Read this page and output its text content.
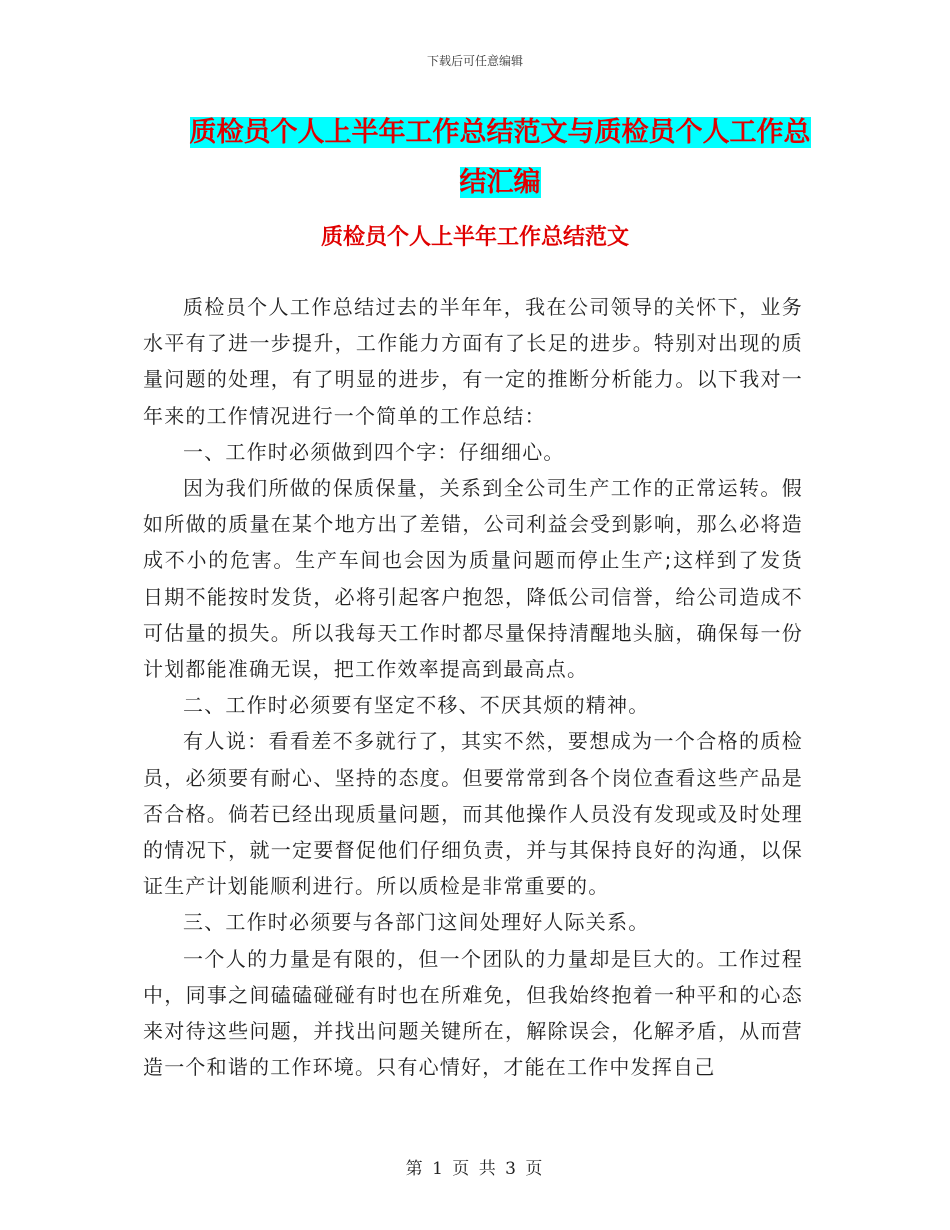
下载后可任意编辑
质检员个人上半年工作总结范文与质检员个人工作总
结汇编
质检员个人上半年工作总结范文

质检员个人工作总结过去的半年年，我在公司领导的关怀下，业务水平有了进一步提升，工作能力方面有了长足的进步。特别对出现的质量问题的处理，有了明显的进步，有一定的推断分析能力。以下我对一年来的工作情况进行一个简单的工作总结：

一、工作时必须做到四个字：仔细细心。

因为我们所做的保质保量，关系到全公司生产工作的正常运转。假如所做的质量在某个地方出了差错，公司利益会受到影响，那么必将造成不小的危害。生产车间也会因为质量问题而停止生产;这样到了发货日期不能按时发货，必将引起客户抱怨，降低公司信誉，给公司造成不可估量的损失。所以我每天工作时都尽量保持清醒地头脑，确保每一份计划都能准确无误，把工作效率提高到最高点。

二、工作时必须要有坚定不移、不厌其烦的精神。

有人说：看看差不多就行了，其实不然，要想成为一个合格的质检员，必须要有耐心、坚持的态度。但要常常到各个岗位查看这些产品是否合格。倘若已经出现质量问题，而其他操作人员没有发现或及时处理的情况下，就一定要督促他们仔细负责，并与其保持良好的沟通，以保证生产计划能顺利进行。所以质检是非常重要的。

三、工作时必须要与各部门这间处理好人际关系。

一个人的力量是有限的，但一个团队的力量却是巨大的。工作过程中，同事之间磕磕碰碰有时也在所难免，但我始终抱着一种平和的心态来对待这些问题，并找出问题关键所在，解除误会，化解矛盾，从而营造一个和谐的工作环境。只有心情好，才能在工作中发挥自己

第 1 页 共 3 页
